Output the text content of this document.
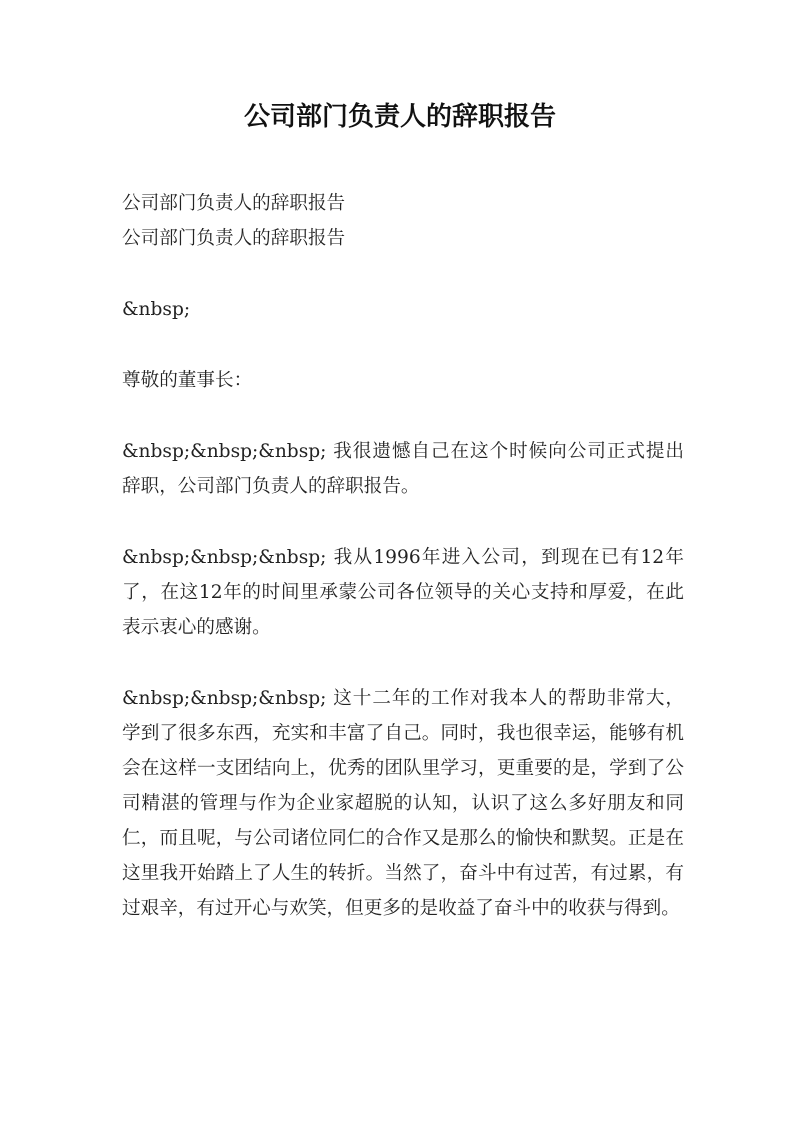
公司部门负责人的辞职报告
公司部门负责人的辞职报告
公司部门负责人的辞职报告
&nbsp;
尊敬的董事长：

&nbsp;&nbsp;&nbsp; 我很遗憾自己在这个时候向公司正式提出辞职，公司部门负责人的辞职报告。

&nbsp;&nbsp;&nbsp; 我从1996年进入公司，到现在已有12年了，在这12年的时间里承蒙公司各位领导的关心支持和厚爱，在此表示衷心的感谢。

&nbsp;&nbsp;&nbsp; 这十二年的工作对我本人的帮助非常大，学到了很多东西，充实和丰富了自己。同时，我也很幸运，能够有机会在这样一支团结向上，优秀的团队里学习，更重要的是，学到了公司精湛的管理与作为企业家超脱的认知，认识了这么多好朋友和同仁，而且呢，与公司诸位同仁的合作又是那么的愉快和默契。正是在这里我开始踏上了人生的转折。当然了，奋斗中有过苦，有过累，有过艰辛，有过开心与欢笑，但更多的是收益了奋斗中的收获与得到。
